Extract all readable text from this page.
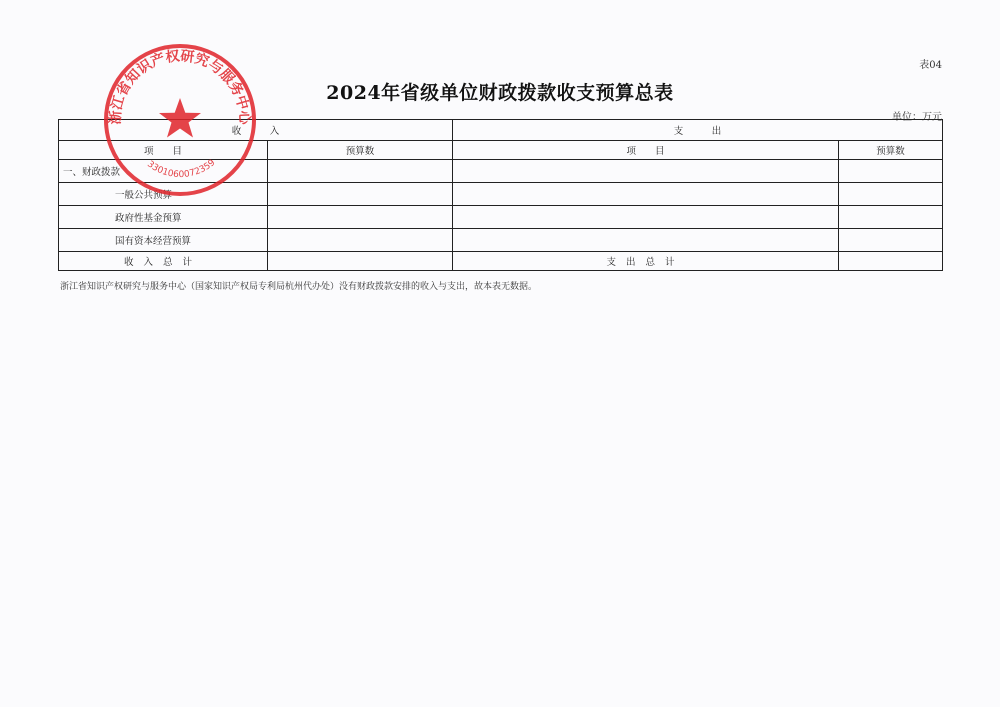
表04
2024年省级单位财政拨款收支预算总表
单位：万元
收　　　入		支　　　出	
项　　目	预算数	项　　目	预算数
一、财政拨款			
一般公共预算			
政府性基金预算			
国有资本经营预算			
收入总计		支出总计	
浙江省知识产权研究与服务中心（国家知识产权局专利局杭州代办处）没有财政拨款安排的收入与支出，故本表无数据。
浙江省知识产权研究与服务中心
3301060072359
